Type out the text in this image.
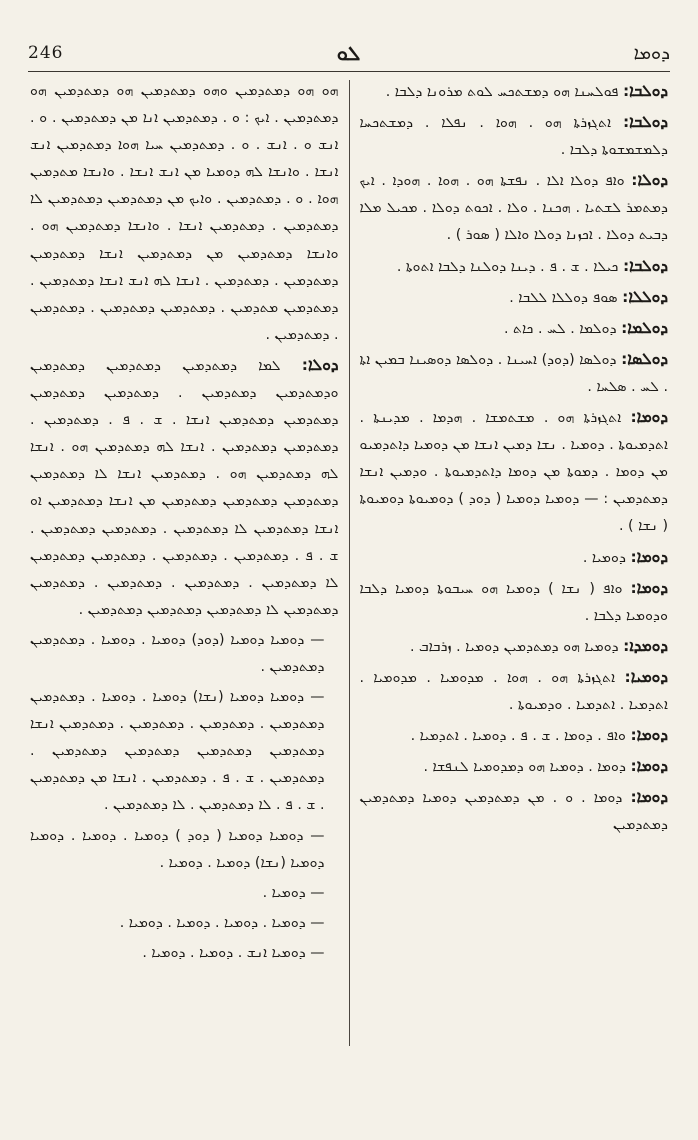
246	ܠܘ	ܕܘܡܐ
ܕܘܠܒܐ: ܦܘܠܚܢܐ ܗܘ ܕܡܫܬܟܚ ܠܘܬ ܡܪܘܢܐ ܕܠܒܐ .
ܕܘܠܒܐ: ܐܬܓܙܪܬܐ ܗܘ . ܗܘܐ . ܢܦܠܐ . ܕܡܫܬܟܚܐ ܕܠܡܫܡܫܘܬܐ ܕܠܒܐ .
ܕܘܠܐ: ܘܐܦ ܕܘܠܐ ܐܠܐ . ܢܦܫܬܐ ܗܘ . ܗܘܐ . ܗܘܕܐ . ܐܝܟ ܕܡܬܡܪ ܠܫܬܝܐ . ܗܟܢܐ . ܘܠܐ . ܐܟܘܬ ܕܘܠܐ . ܡܟܝܠ ܡܠܐ ܕܒܝܬ ܕܘܠܐ . ܐܟܙܢܐ ܕܘܠܐ ܘܐܠܐ ( ܣܘܪ ) .
ܕܘܠܒܐ: ܟܝܠܐ . ܫ . ܦ . ܕܝܢܐ ܕܘܠܢܐ ܕܠܒܐ ܐܬܘܬܐ .
ܕܘܠܠܐ: ܣܘܦ ܕܘܠܠܐ ܠܠܒܐ .
ܕܘܠܡܐ: ܕܘܠܡܐ . ܠܚ . ܟܐܬ .
ܕܘܠܣܐ: ܕܘܠܣܐ (ܕܘܕ) ܐܚܝܢܐ . ܕܘܠܣܐ ܕܘܣܝܢܐ ܒܡܝܢ ܐܬܐ . ܠܚ . ܣܠܚܐ .
ܕܘܡܐ: ܐܬܓܙܪܬܐ ܗܘ . ܡܫܬܡܫܐ . ܗܕܡܐ . ܡܕܝܢܬܐ . ܐܬܕܡܝܘܬܐ . ܕܘܡܝܐ . ܢܫܐ ܕܡܝܢ ܐܢܫܐ ܡܢ ܕܘܡܝܐ ܕܐܬܕܡܝܘ ܡܢ ܕܘܡܐ . ܕܡܘܬܐ ܡܢ ܕܘܡܐ ܕܐܬܕܡܝܘܬܐ . ܘܕܡܝܢ ܐܢܫܐ ܕܡܬܕܡܝܢ : — ܕܘܡܝܐ ܕܘܡܝܐ ( ܕܘܕ ) ܕܘܡܝܘܬܐ ܕܘܡܝܘܬܐ ( ܢܫܐ ) .
ܕܘܡܐ: ܕܘܡܝܐ .
ܕܘܡܐ: ܘܐܦ ( ܢܫܐ ) ܕܘܡܝܐ ܗܘ ܚܝܒܘܬܐ ܕܘܡܝܐ ܕܠܒܐ ܘܕܘܡܝܐ ܕܠܒܐ .
ܕܘܡܕܐ: ܕܘܡܝܐ ܗܘ ܕܡܬܕܡܝܢ ܕܘܡܝܐ . ܙܪܒܐܒ .
ܕܘܡܝܐ: ܐܬܓܙܪܬܐ ܗܘ . ܗܘܐ . ܡܕܘܡܝܐ . ܡܕܘܡܝܐ . ܐܬܕܡܝܐ . ܐܬܕܡܝܐ . ܘܕܡܝܘܬܐ .
ܕܘܡܐ: ܘܐܦ . ܕܘܡܐ . ܫ . ܦ . ܕܘܡܝܐ . ܐܬܕܡܝܐ .
ܕܘܡܐ: ܕܘܡܐ . ܕܘܡܝܐ ܗܘ ܕܡܕܘܡܝܐ ܠܢܦܫܐ .
ܕܘܡܐ: ܕܘܡܐ . ܘ . ܡܢ ܕܡܬܕܡܝܢ ܕܘܡܝܐ ܕܡܬܕܡܝܢ ܕܡܬܕܡܝܢ
ܗܘ ܗܘ ܕܡܬܕܡܝܢ ܘܗܘ ܕܡܬܕܡܝܢ ܗܘ ܕܡܬܕܡܝܢ ܗܘ ܕܡܬܕܡܝܢ . ܐܝܟ : ܘ . ܕܡܬܕܡܝܢ ܐܢܐ ܡܢ ܕܡܬܕܡܝܢ . ܘ . ܐܢܫ ܘ . ܐܢܫ . ܘ . ܕܡܬܕܡܝܢ ܚܝܐ ܗܘܐ ܕܡܬܕܡܝܢ ܐܢܫ ܐܢܫܐ . ܘܐܢܫܐ ܠܗ ܕܘܡܝܐ ܡܢ ܐܢܫ ܐܢܫܐ . ܘܐܢܫܐ ܡܬܕܡܝܢ ܗܘܐ . ܘ . ܕܡܬܕܡܝܢ . ܘܐܝܟ ܡܢ ܕܡܬܕܡܝܢ ܕܡܬܕܡܝܢ ܠܐ ܕܡܬܕܡܝܢ . ܕܡܬܕܡܝܢ ܐܢܫܐ . ܘܐܢܫܐ ܕܡܬܕܡܝܢ ܗܘ . ܘܐܢܫܐ ܕܡܬܕܡܝܢ ܡܢ ܕܡܬܕܡܝܢ ܐܢܫܐ ܕܡܬܕܡܝܢ ܕܡܬܕܡܝܢ . ܕܡܬܕܡܝܢ . ܐܢܫܐ ܠܗ ܐܢܫ ܐܢܫܐ ܕܡܬܕܡܝܢ . ܕܡܬܕܡܝܢ ܡܬܕܡܝܢ . ܕܡܬܕܡܝܢ ܕܡܬܕܡܝܢ . ܕܡܬܕܡܝܢ . ܕܡܬܕܡܝܢ .
ܕܘܠܐ: ܠܡܐ ܕܡܬܕܡܝܢ ܕܡܬܕܡܝܢ ܕܡܬܕܡܝܢ ܘܕܡܬܕܡܝܢ ܕܡܬܕܡܝܢ . ܕܡܬܕܡܝܢ ܕܡܬܕܡܝܢ ܕܡܬܕܡܝܢ ܕܡܬܕܡܝܢ ܐܢܫܐ . ܫ . ܦ . ܕܡܬܕܡܝܢ . ܕܡܬܕܡܝܢ ܕܡܬܕܡܝܢ . ܐܢܫܐ ܠܗ ܕܡܬܕܡܝܢ ܗܘ . ܐܢܫܐ ܠܗ ܕܡܬܕܡܝܢ ܗܘ . ܕܡܬܕܡܝܢ ܐܢܫܐ ܠܐ ܕܡܬܕܡܝܢ ܕܡܬܕܡܝܢ ܕܡܬܕܡܝܢ ܕܡܬܕܡܝܢ ܡܢ ܐܢܫܐ ܕܡܬܕܡܝܢ ܐܘ ܐܢܫܐ ܕܡܬܕܡܝܢ ܠܐ ܕܡܬܕܡܝܢ . ܕܡܬܕܡܝܢ ܕܡܬܕܡܝܢ . ܫ . ܦ . ܕܡܬܕܡܝܢ . ܕܡܬܕܡܝܢ . ܕܡܬܕܡܝܢ ܕܡܬܕܡܝܢ ܠܐ ܕܡܬܕܡܝܢ . ܕܡܬܕܡܝܢ . ܕܡܬܕܡܝܢ . ܕܡܬܕܡܝܢ ܕܡܬܕܡܝܢ ܠܐ ܕܡܬܕܡܝܢ ܕܡܬܕܡܝܢ ܕܡܬܕܡܝܢ .
— ܕܘܡܝܐ ܕܘܡܝܐ (ܕܘܕ) ܕܘܡܝܐ . ܕܘܡܝܐ . ܕܡܬܕܡܝܢ ܕܡܬܕܡܝܢ .
— ܕܘܡܝܐ ܕܘܡܝܐ (ܢܫܐ) ܕܘܡܝܐ . ܕܘܡܝܐ . ܕܡܬܕܡܝܢ ܕܡܬܕܡܝܢ . ܕܡܬܕܡܝܢ . ܕܡܬܕܡܝܢ . ܕܡܬܕܡܝܢ ܐܢܫܐ ܕܡܬܕܡܝܢ ܕܡܬܕܡܝܢ ܕܡܬܕܡܝܢ ܕܡܬܕܡܝܢ . ܕܡܬܕܡܝܢ . ܫ . ܦ . ܕܡܬܕܡܝܢ . ܐܢܫܐ ܡܢ ܕܡܬܕܡܝܢ . ܫ . ܦ . ܠܐ ܕܡܬܕܡܝܢ . ܠܐ ܕܡܬܕܡܝܢ .
— ܕܘܡܝܐ ܕܘܡܝܐ ( ܕܘܕ ) ܕܘܡܝܐ . ܕܘܡܝܐ . ܕܘܡܝܐ ܕܘܡܝܐ (ܢܫܐ) ܕܘܡܝܐ . ܕܘܡܝܐ .
— ܕܘܡܝܐ .
— ܕܘܡܝܐ . ܕܘܡܝܐ . ܕܘܡܝܐ . ܕܘܡܝܐ .
— ܕܘܡܝܐ ܐܢܫ . ܕܘܡܝܐ . ܕܘܡܝܐ .
